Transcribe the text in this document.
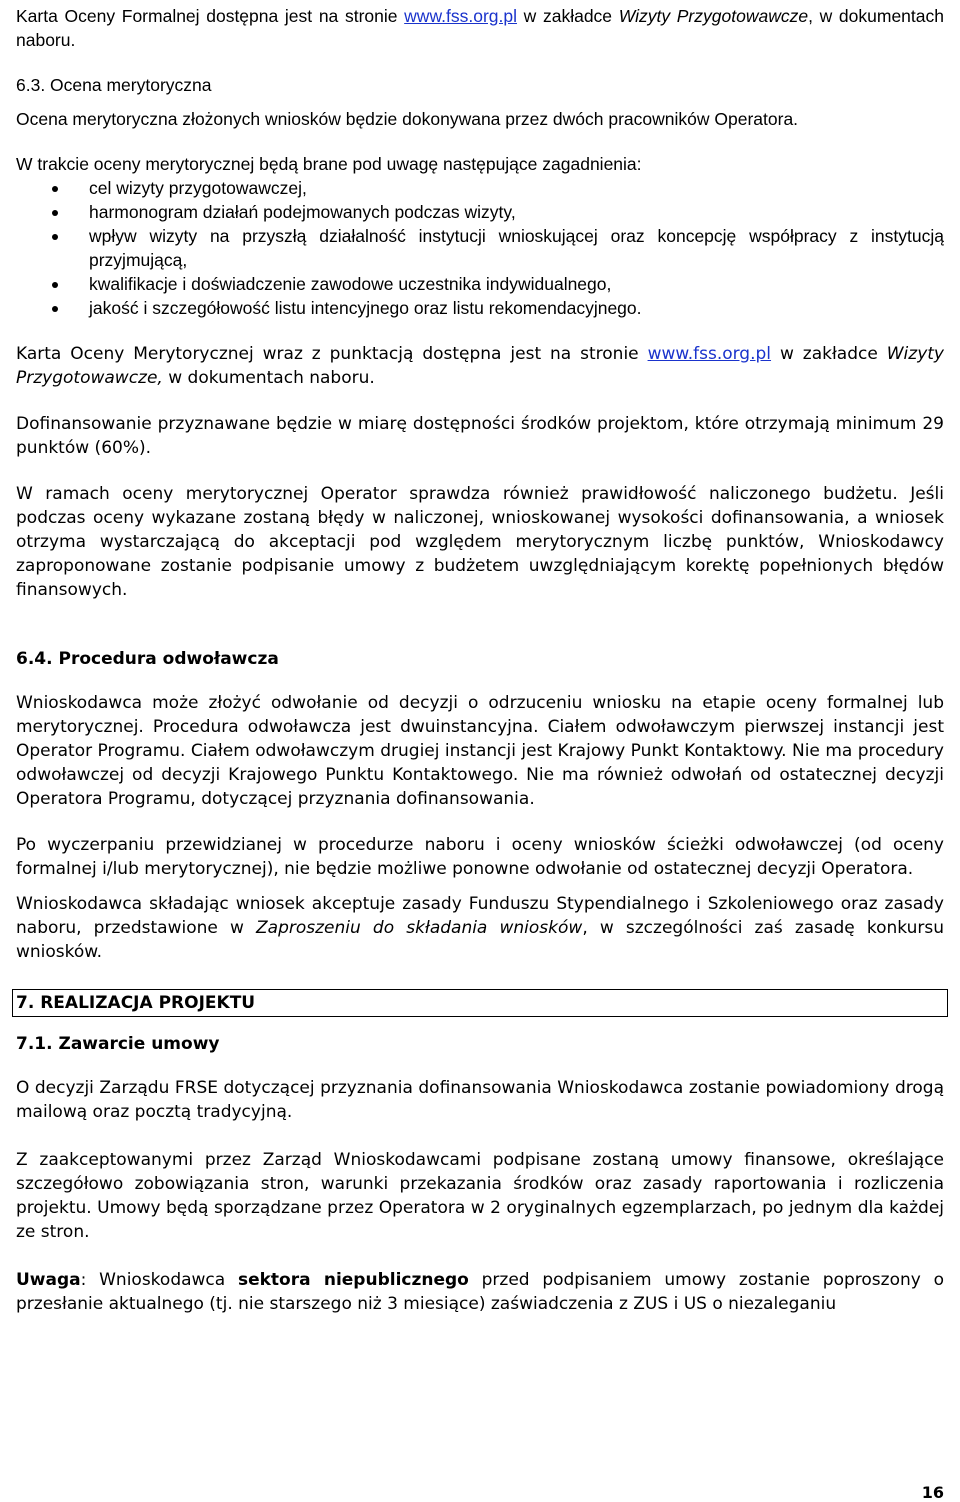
Karta Oceny Formalnej dostępna jest na stronie www.fss.org.pl w zakładce Wizyty Przygotowawcze, w dokumentach naboru.

6.3. Ocena merytoryczna

Ocena merytoryczna złożonych wniosków będzie dokonywana przez dwóch pracowników Operatora.

W trakcie oceny merytorycznej będą brane pod uwagę następujące zagadnienia:

cel wizyty przygotowawczej,
harmonogram działań podejmowanych podczas wizyty,
wpływ wizyty na przyszłą działalność instytucji wnioskującej oraz koncepcję współpracy z instytucją przyjmującą,
kwalifikacje i doświadczenie zawodowe uczestnika indywidualnego,
jakość i szczegółowość listu intencyjnego oraz listu rekomendacyjnego.

Karta Oceny Merytorycznej wraz z punktacją dostępna jest na stronie www.fss.org.pl w zakładce Wizyty Przygotowawcze, w dokumentach naboru.

Dofinansowanie przyznawane będzie w miarę dostępności środków projektom, które otrzymają minimum 29 punktów (60%).

W ramach oceny merytorycznej Operator sprawdza również prawidłowość naliczonego budżetu. Jeśli podczas oceny wykazane zostaną błędy w naliczonej, wnioskowanej wysokości dofinansowania, a wniosek otrzyma wystarczającą do akceptacji pod względem merytorycznym liczbę punktów, Wnioskodawcy zaproponowane zostanie podpisanie umowy z budżetem uwzględniającym korektę popełnionych błędów finansowych.

6.4. Procedura odwoławcza

Wnioskodawca może złożyć odwołanie od decyzji o odrzuceniu wniosku na etapie oceny formalnej lub merytorycznej. Procedura odwoławcza jest dwuinstancyjna. Ciałem odwoławczym pierwszej instancji jest Operator Programu. Ciałem odwoławczym drugiej instancji jest Krajowy Punkt Kontaktowy. Nie ma procedury odwoławczej od decyzji Krajowego Punktu Kontaktowego. Nie ma również odwołań od ostatecznej decyzji Operatora Programu, dotyczącej przyznania dofinansowania.

Po wyczerpaniu przewidzianej w procedurze naboru i oceny wniosków ścieżki odwoławczej (od oceny formalnej i/lub merytorycznej), nie będzie możliwe ponowne odwołanie od ostatecznej decyzji Operatora.

Wnioskodawca składając wniosek akceptuje zasady Funduszu Stypendialnego i Szkoleniowego oraz zasady naboru, przedstawione w Zaproszeniu do składania wniosków, w szczególności zaś zasadę konkursu wniosków.

7. REALIZACJA PROJEKTU
7.1. Zawarcie umowy

O decyzji Zarządu FRSE dotyczącej przyznania dofinansowania Wnioskodawca zostanie powiadomiony drogą mailową oraz pocztą tradycyjną.

Z zaakceptowanymi przez Zarząd Wnioskodawcami podpisane zostaną umowy finansowe, określające szczegółowo zobowiązania stron, warunki przekazania środków oraz zasady raportowania i rozliczenia projektu. Umowy będą sporządzane przez Operatora w 2 oryginalnych egzemplarzach, po jednym dla każdej ze stron.

Uwaga: Wnioskodawca sektora niepublicznego przed podpisaniem umowy zostanie poproszony o przesłanie aktualnego (tj. nie starszego niż 3 miesiące) zaświadczenia z ZUS i US o niezaleganiu

16
